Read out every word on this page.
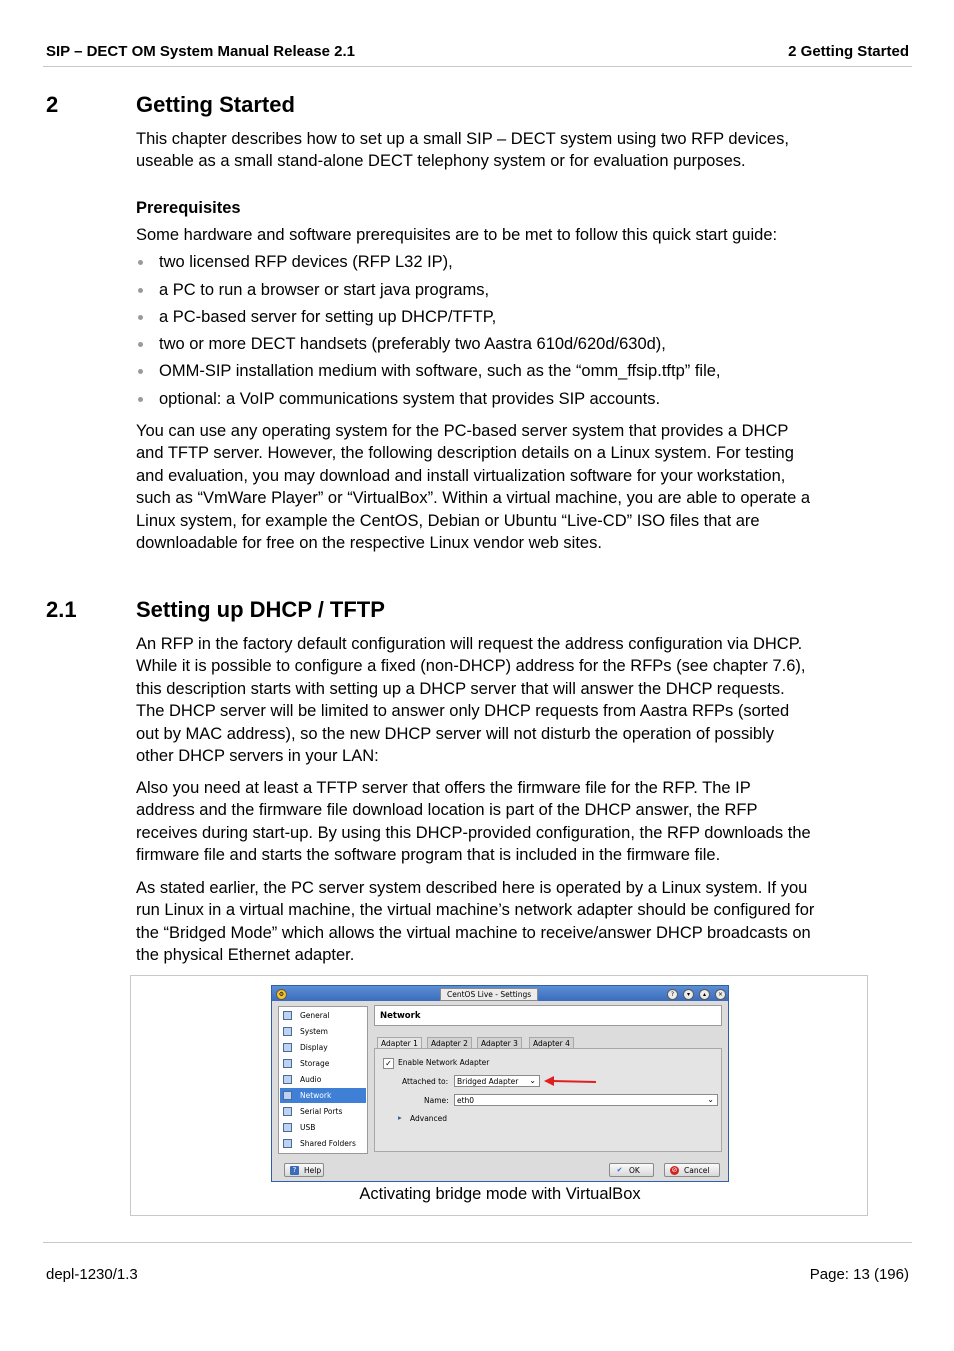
SIP – DECT OM System Manual Release 2.1	2 Getting Started
2	Getting Started
This chapter describes how to set up a small SIP – DECT system using two RFP devices,
useable as a small stand-alone DECT telephony system or for evaluation purposes.
Prerequisites
Some hardware and software prerequisites are to be met to follow this quick start guide:
two licensed RFP devices (RFP L32 IP),
a PC to run a browser or start java programs,
a PC-based server for setting up DHCP/TFTP,
two or more DECT handsets (preferably two Aastra 610d/620d/630d),
OMM-SIP installation medium with software, such as the “omm_ffsip.tftp” file,
optional: a VoIP communications system that provides SIP accounts.
You can use any operating system for the PC-based server system that provides a DHCP
and TFTP server. However, the following description details on a Linux system. For testing
and evaluation, you may download and install virtualization software for your workstation,
such as “VmWare Player” or “VirtualBox”. Within a virtual machine, you are able to operate a
Linux system, for example the CentOS, Debian or Ubuntu “Live-CD” ISO files that are
downloadable for free on the respective Linux vendor web sites.
2.1	Setting up DHCP / TFTP
An RFP in the factory default configuration will request the address configuration via DHCP.
While it is possible to configure a fixed (non-DHCP) address for the RFPs (see chapter 7.6),
this description starts with setting up a DHCP server that will answer the DHCP requests.
The DHCP server will be limited to answer only DHCP requests from Aastra RFPs (sorted
out by MAC address), so the new DHCP server will not disturb the operation of possibly
other DHCP servers in your LAN:
Also you need at least a TFTP server that offers the firmware file for the RFP. The IP
address and the firmware file download location is part of the DHCP answer, the RFP
receives during start-up. By using this DHCP-provided configuration, the RFP downloads the
firmware file and starts the software program that is included in the firmware file.
As stated earlier, the PC server system described here is operated by a Linux system. If you
run Linux in a virtual machine, the virtual machine’s network adapter should be configured for
the “Bridged Mode” which allows the virtual machine to receive/answer DHCP broadcasts on
the physical Ethernet adapter.
⚙	CentOS Live - Settings	?	▾	▴	×
General
System
Display
Storage
Audio
Network
Serial Ports
USB
Shared Folders
Network
Adapter 1	Adapter 2	Adapter 3	Adapter 4
✓ Enable Network Adapter
Attached to:	Bridged Adapter ⌄
Name:	eth0	⌄
▸ Advanced
?	Help	✔ OK	⊘ Cancel
Activating bridge mode with VirtualBox
depl-1230/1.3	Page: 13 (196)
